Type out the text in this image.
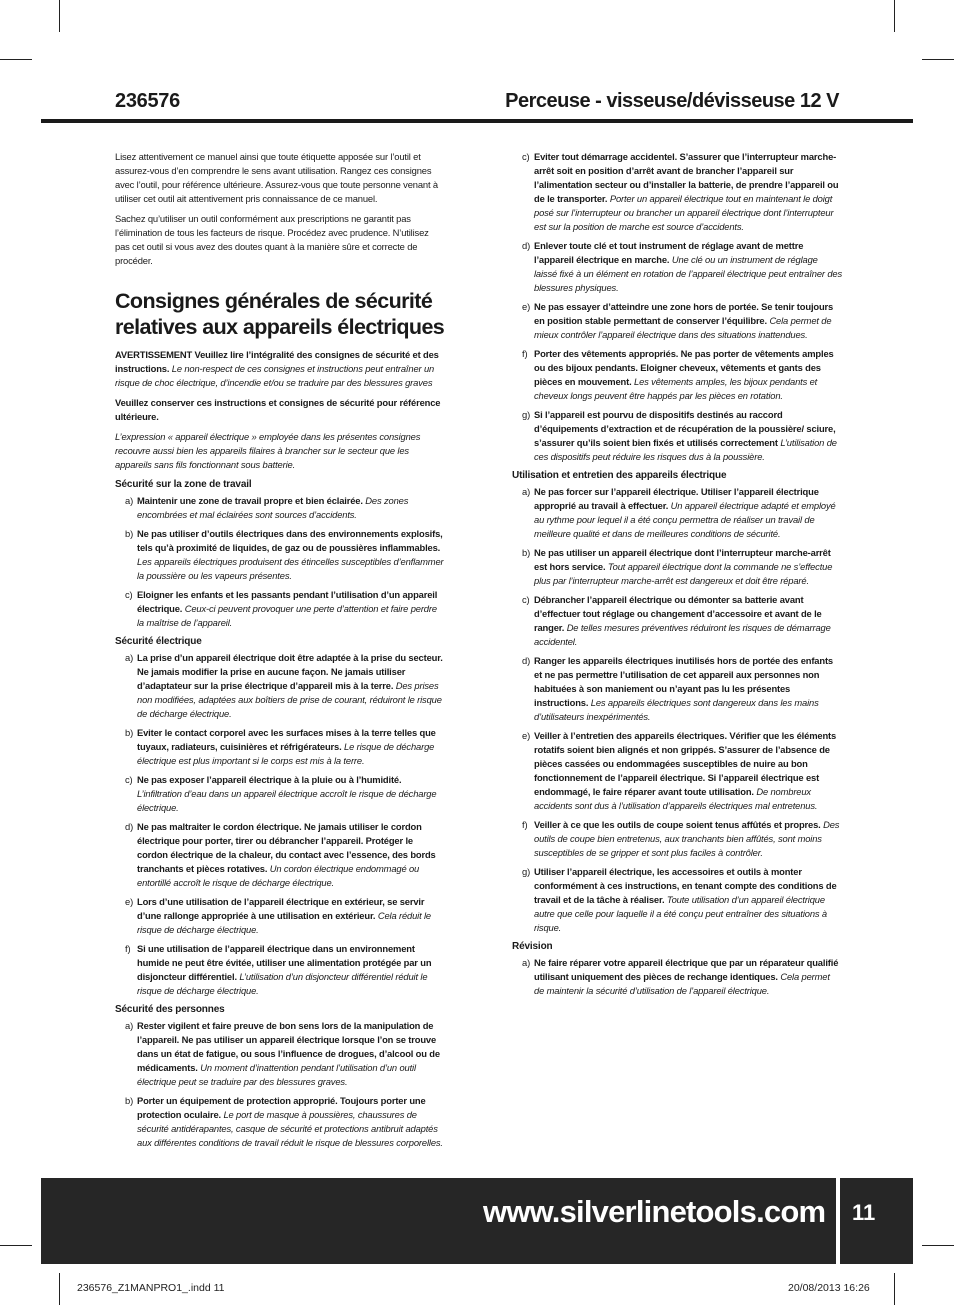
236576	Perceuse - visseuse/dévisseuse 12 V

Lisez attentivement ce manuel ainsi que toute étiquette apposée sur l’outil et assurez-vous d’en comprendre le sens avant utilisation. Rangez ces consignes avec l’outil, pour référence ultérieure. Assurez-vous que toute personne venant à utiliser cet outil ait attentivement pris connaissance de ce manuel.

Sachez qu’utiliser un outil conformément aux prescriptions ne garantit pas l’élimination de tous les facteurs de risque. Procédez avec prudence. N’utilisez pas cet outil si vous avez des doutes quant à la manière sûre et correcte de procéder.

Consignes générales de sécurité relatives aux appareils électriques

AVERTISSEMENT Veuillez lire l’intégralité des consignes de sécurité et des instructions. Le non-respect de ces consignes et instructions peut entraîner un risque de choc électrique, d’incendie et/ou se traduire par des blessures graves

Veuillez conserver ces instructions et consignes de sécurité pour référence ultérieure.

L’expression « appareil électrique » employée dans les présentes consignes recouvre aussi bien les appareils filaires à brancher sur le secteur que les appareils sans fils fonctionnant sous batterie.

Sécurité sur la zone de travail
a) Maintenir une zone de travail propre et bien éclairée. Des zones encombrées et mal éclairées sont sources d’accidents.
b) Ne pas utiliser d’outils électriques dans des environnements explosifs, tels qu’à proximité de liquides, de gaz ou de poussières inflammables. Les appareils électriques produisent des étincelles susceptibles d’enflammer la poussière ou les vapeurs présentes.
c) Eloigner les enfants et les passants pendant l’utilisation d’un appareil électrique. Ceux-ci peuvent provoquer une perte d’attention et faire perdre la maîtrise de l’appareil.
Sécurité électrique
a) La prise d’un appareil électrique doit être adaptée à la prise du secteur. Ne jamais modifier la prise en aucune façon. Ne jamais utiliser d’adaptateur sur la prise électrique d’appareil mis à la terre. Des prises non modifiées, adaptées aux boîtiers de prise de courant, réduiront le risque de décharge électrique.
b) Eviter le contact corporel avec les surfaces mises à la terre telles que tuyaux, radiateurs, cuisinières et réfrigérateurs. Le risque de décharge électrique est plus important si le corps est mis à la terre.
c) Ne pas exposer l’appareil électrique à la pluie ou à l’humidité. L’infiltration d’eau dans un appareil électrique accroît le risque de décharge électrique.
d) Ne pas maltraiter le cordon électrique. Ne jamais utiliser le cordon électrique pour porter, tirer ou débrancher l’appareil. Protéger le cordon électrique de la chaleur, du contact avec l’essence, des bords tranchants et pièces rotatives. Un cordon électrique endommagé ou entortillé accroît le risque de décharge électrique.
e) Lors d’une utilisation de l’appareil électrique en extérieur, se servir d’une rallonge appropriée à une utilisation en extérieur. Cela réduit le risque de décharge électrique.
f) Si une utilisation de l’appareil électrique dans un environnement humide ne peut être évitée, utiliser une alimentation protégée par un disjoncteur différentiel. L’utilisation d’un disjoncteur différentiel réduit le risque de décharge électrique.
Sécurité des personnes
a) Rester vigilent et faire preuve de bon sens lors de la manipulation de l’appareil. Ne pas utiliser un appareil électrique lorsque l’on se trouve dans un état de fatigue, ou sous l’influence de drogues, d’alcool ou de médicaments. Un moment d’inattention pendant l’utilisation d’un outil électrique peut se traduire par des blessures graves.
b) Porter un équipement de protection approprié. Toujours porter une protection oculaire. Le port de masque à poussières, chaussures de sécurité antidérapantes, casque de sécurité et protections antibruit adaptés aux différentes conditions de travail réduit le risque de blessures corporelles.
c) Eviter tout démarrage accidentel. S’assurer que l’interrupteur marche-arrêt soit en position d’arrêt avant de brancher l’appareil sur l’alimentation secteur ou d’installer la batterie, de prendre l’appareil ou de le transporter. Porter un appareil électrique tout en maintenant le doigt posé sur l’interrupteur ou brancher un appareil électrique dont l’interrupteur est sur la position de marche est source d’accidents.
d) Enlever toute clé et tout instrument de réglage avant de mettre l’appareil électrique en marche. Une clé ou un instrument de réglage laissé fixé à un élément en rotation de l’appareil électrique peut entraîner des blessures physiques.
e) Ne pas essayer d’atteindre une zone hors de portée. Se tenir toujours en position stable permettant de conserver l’équilibre. Cela permet de mieux contrôler l’appareil électrique dans des situations inattendues.
f) Porter des vêtements appropriés. Ne pas porter de vêtements amples ou des bijoux pendants. Eloigner cheveux, vêtements et gants des pièces en mouvement. Les vêtements amples, les bijoux pendants et cheveux longs peuvent être happés par les pièces en rotation.
g) Si l’appareil est pourvu de dispositifs destinés au raccord d’équipements d’extraction et de récupération de la poussière/ sciure, s’assurer qu’ils soient bien fixés et utilisés correctement L’utilisation de ces dispositifs peut réduire les risques dus à la poussière.
Utilisation et entretien des appareils électrique
a) Ne pas forcer sur l’appareil électrique. Utiliser l’appareil électrique approprié au travail à effectuer. Un appareil électrique adapté et employé au rythme pour lequel il a été conçu permettra de réaliser un travail de meilleure qualité et dans de meilleures conditions de sécurité.
b) Ne pas utiliser un appareil électrique dont l’interrupteur marche-arrêt est hors service. Tout appareil électrique dont la commande ne s’effectue plus par l’interrupteur marche-arrêt est dangereux et doit être réparé.
c) Débrancher l’appareil électrique ou démonter sa batterie avant d’effectuer tout réglage ou changement d’accessoire et avant de le ranger. De telles mesures préventives réduiront les risques de démarrage accidentel.
d) Ranger les appareils électriques inutilisés hors de portée des enfants et ne pas permettre l’utilisation de cet appareil aux personnes non habituées à son maniement ou n’ayant pas lu les présentes instructions. Les appareils électriques sont dangereux dans les mains d’utilisateurs inexpérimentés.
e) Veiller à l’entretien des appareils électriques. Vérifier que les éléments rotatifs soient bien alignés et non grippés. S’assurer de l’absence de pièces cassées ou endommagées susceptibles de nuire au bon fonctionnement de l’appareil électrique. Si l’appareil électrique est endommagé, le faire réparer avant toute utilisation. De nombreux accidents sont dus à l’utilisation d’appareils électriques mal entretenus.
f) Veiller à ce que les outils de coupe soient tenus affûtés et propres. Des outils de coupe bien entretenus, aux tranchants bien affûtés, sont moins susceptibles de se gripper et sont plus faciles à contrôler.
g) Utiliser l’appareil électrique, les accessoires et outils à monter conformément à ces instructions, en tenant compte des conditions de travail et de la tâche à réaliser. Toute utilisation d’un appareil électrique autre que celle pour laquelle il a été conçu peut entraîner des situations à risque.
Révision
a) Ne faire réparer votre appareil électrique que par un réparateur qualifié utilisant uniquement des pièces de rechange identiques. Cela permet de maintenir la sécurité d’utilisation de l’appareil électrique.
www.silverlinetools.com 11
236576_Z1MANPRO1_.indd 11	20/08/2013 16:26
